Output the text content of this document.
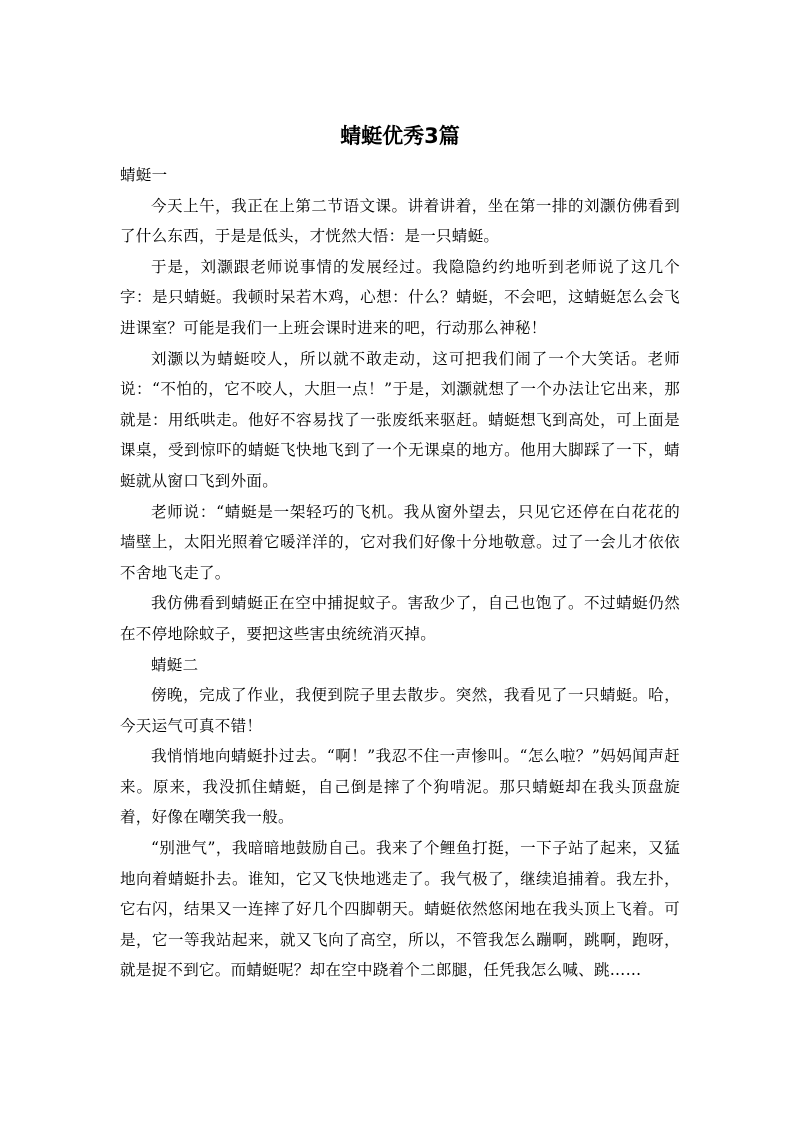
蜻蜓优秀3篇

蜻蜓一

今天上午，我正在上第二节语文课。讲着讲着，坐在第一排的刘灏仿佛看到了什么东西，于是是低头，才恍然大悟：是一只蜻蜓。

于是，刘灏跟老师说事情的发展经过。我隐隐约约地听到老师说了这几个字：是只蜻蜓。我顿时呆若木鸡，心想：什么？蜻蜓，不会吧，这蜻蜓怎么会飞进课室？可能是我们一上班会课时进来的吧，行动那么神秘！

刘灏以为蜻蜓咬人，所以就不敢走动，这可把我们闹了一个大笑话。老师说：“不怕的，它不咬人，大胆一点！”于是，刘灏就想了一个办法让它出来，那就是：用纸哄走。他好不容易找了一张废纸来驱赶。蜻蜓想飞到高处，可上面是课桌，受到惊吓的蜻蜓飞快地飞到了一个无课桌的地方。他用大脚踩了一下，蜻蜓就从窗口飞到外面。

老师说：“蜻蜓是一架轻巧的飞机。我从窗外望去，只见它还停在白花花的墙壁上，太阳光照着它暖洋洋的，它对我们好像十分地敬意。过了一会儿才依依不舍地飞走了。

我仿佛看到蜻蜓正在空中捕捉蚊子。害敌少了，自己也饱了。不过蜻蜓仍然在不停地除蚊子，要把这些害虫统统消灭掉。

蜻蜓二

傍晚，完成了作业，我便到院子里去散步。突然，我看见了一只蜻蜓。哈，今天运气可真不错！

我悄悄地向蜻蜓扑过去。“啊！”我忍不住一声惨叫。“怎么啦？”妈妈闻声赶来。原来，我没抓住蜻蜓，自己倒是摔了个狗啃泥。那只蜻蜓却在我头顶盘旋着，好像在嘲笑我一般。

“别泄气”，我暗暗地鼓励自己。我来了个鲤鱼打挺，一下子站了起来，又猛地向着蜻蜓扑去。谁知，它又飞快地逃走了。我气极了，继续追捕着。我左扑，它右闪，结果又一连摔了好几个四脚朝天。蜻蜓依然悠闲地在我头顶上飞着。可是，它一等我站起来，就又飞向了高空，所以，不管我怎么蹦啊，跳啊，跑呀，就是捉不到它。而蜻蜓呢？却在空中跷着个二郎腿，任凭我怎么喊、跳……
